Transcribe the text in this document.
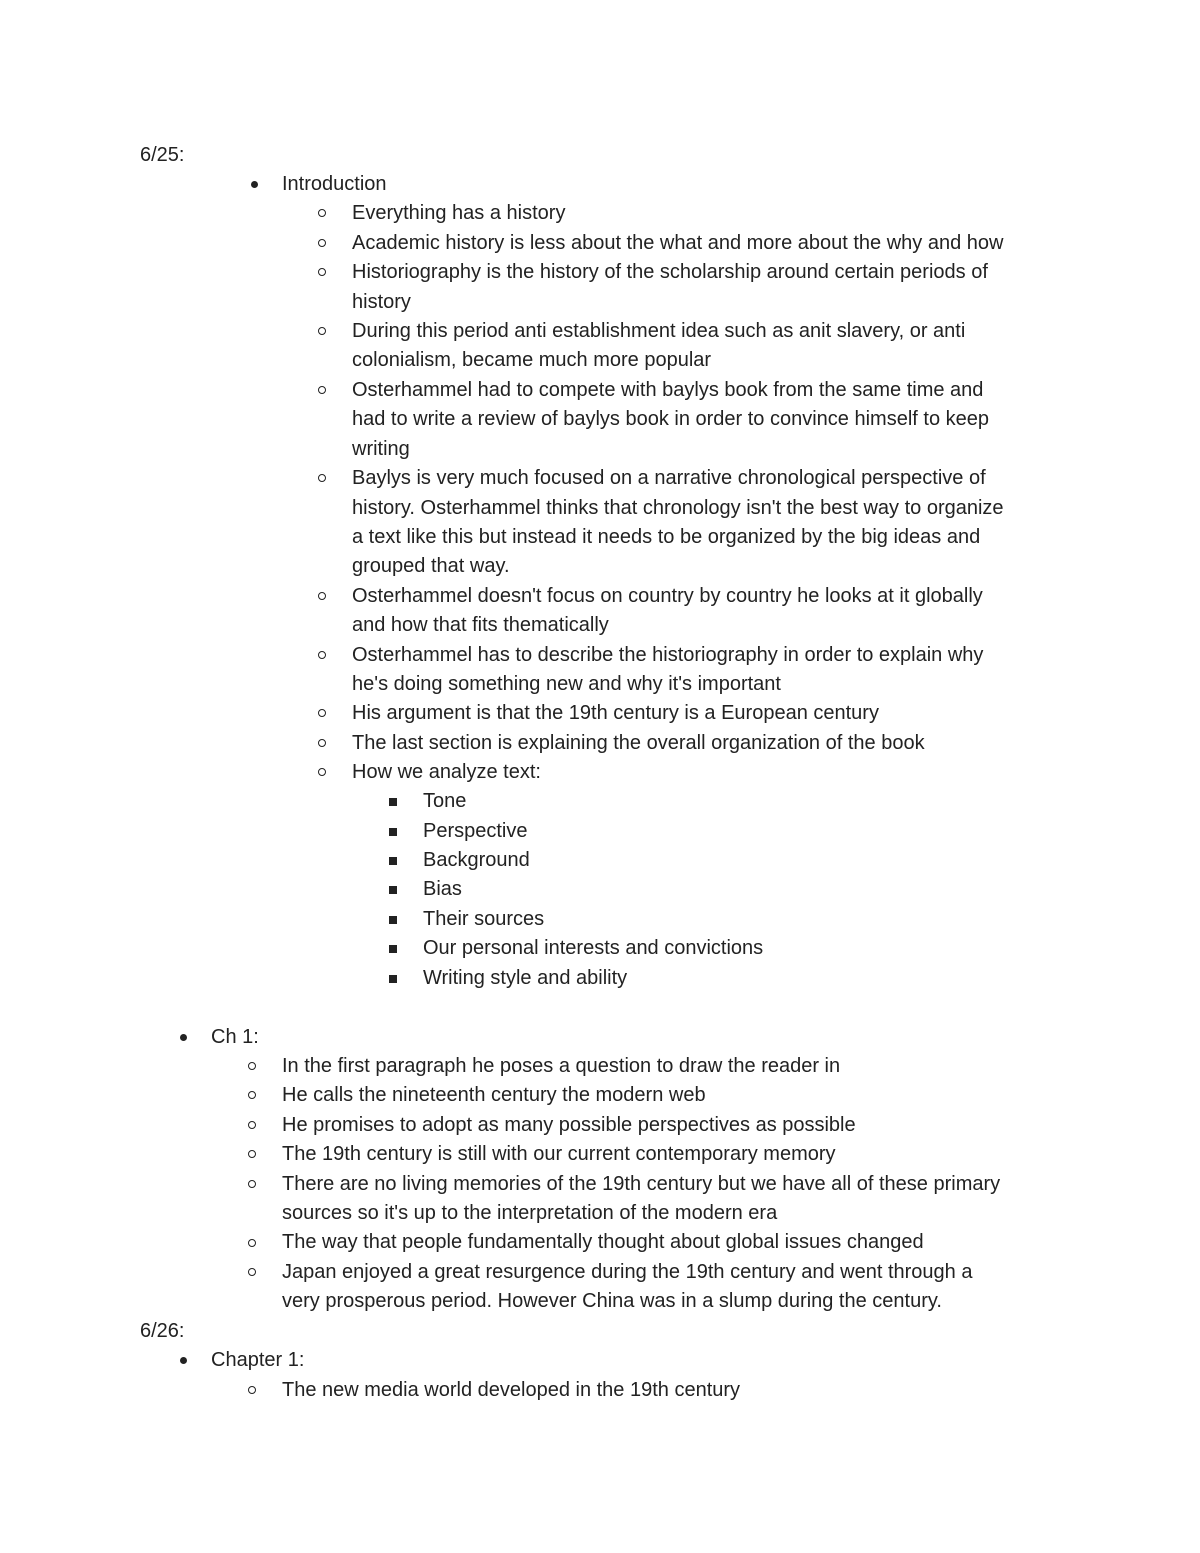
6/25:
Introduction
Everything has a history
Academic history is less about the what and more about the why and how
Historiography is the history of the scholarship around certain periods of
history
During this period anti establishment idea such as anit slavery, or anti
colonialism, became much more popular
Osterhammel had to compete with baylys book from the same time and
had to write a review of baylys book in order to convince himself to keep
writing
Baylys is very much focused on a narrative chronological perspective of
history. Osterhammel thinks that chronology isn't the best way to organize
a text like this but instead it needs to be organized by the big ideas and
grouped that way.
Osterhammel doesn't focus on country by country he looks at it globally
and how that fits thematically
Osterhammel has to describe the historiography in order to explain why
he's doing something new and why it's important
His argument is that the 19th century is a European century
The last section is explaining the overall organization of the book
How we analyze text:
Tone
Perspective
Background
Bias
Their sources
Our personal interests and convictions
Writing style and ability
Ch 1:
In the first paragraph he poses a question to draw the reader in
He calls the nineteenth century the modern web
He promises to adopt as many possible perspectives as possible
The 19th century is still with our current contemporary memory
There are no living memories of the 19th century but we have all of these primary
sources so it's up to the interpretation of the modern era
The way that people fundamentally thought about global issues changed
Japan enjoyed a great resurgence during the 19th century and went through a
very prosperous period. However China was in a slump during the century.
6/26:
Chapter 1:
The new media world developed in the 19th century
